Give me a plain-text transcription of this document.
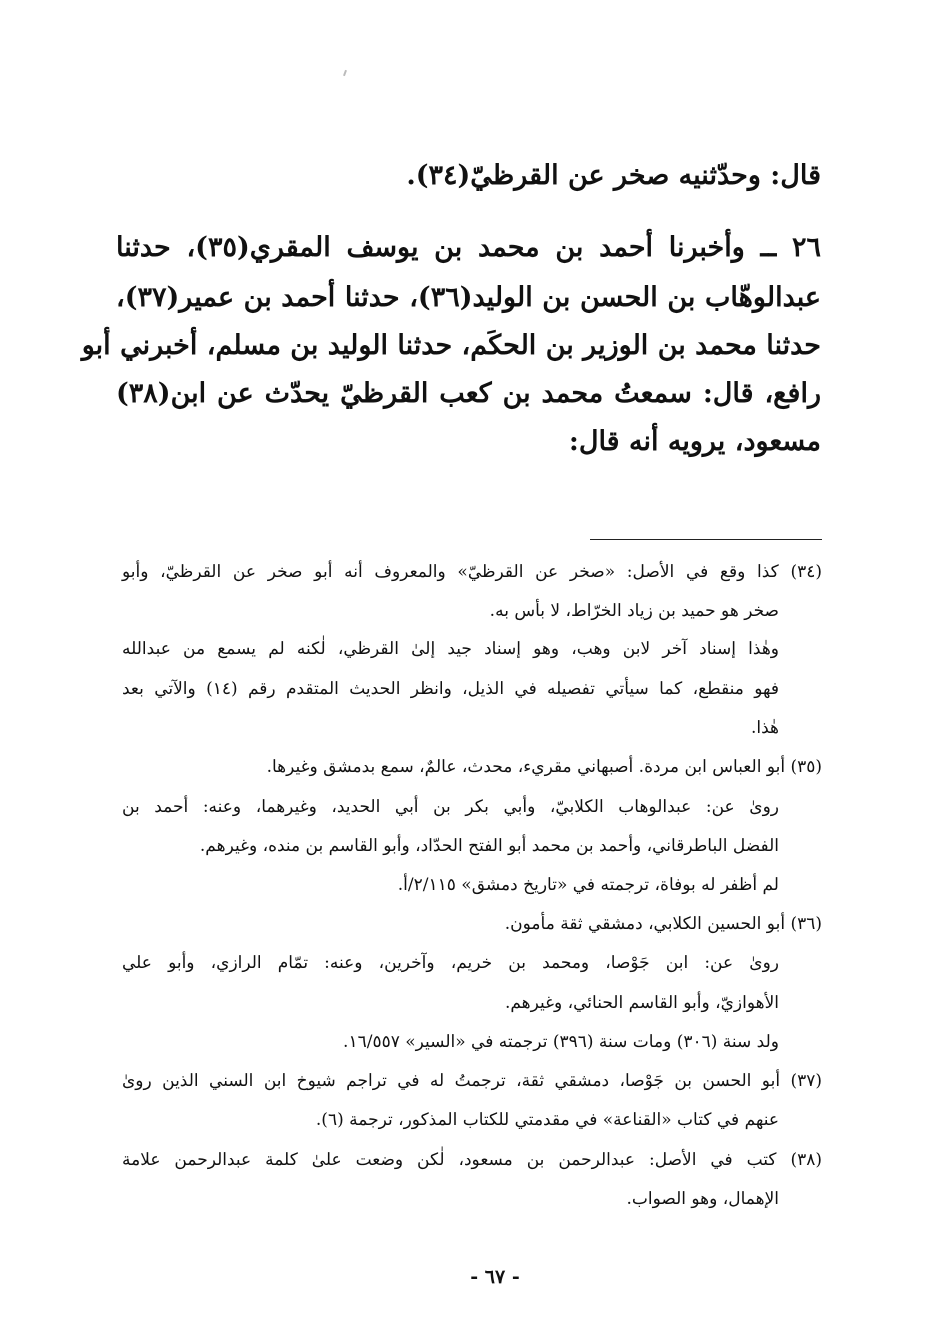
قال: وحدّثنيه صخر عن القرظيّ(٣٤).
٢٦ ــ وأخبرنا أحمد بن محمد بن يوسف المقري(٣٥)، حدثنا
عبدالوهّاب بن الحسن بن الوليد(٣٦)، حدثنا أحمد بن عمير(٣٧)،
حدثنا محمد بن الوزير بن الحكَم، حدثنا الوليد بن مسلم، أخبرني أبو
رافع، قال: سمعتُ محمد بن كعب القرظيّ يحدّث عن ابن(٣٨)
مسعود، يرويه أنه قال:
(٣٤) كذا وقع في الأصل: «صخر عن القرظيّ» والمعروف أنه أبو صخر عن القرظيّ، وأبو
صخر هو حميد بن زياد الخرّاط، لا بأس به.
وهٰذا إسناد آخر لابن وهب، وهو إسناد جيد إلىٰ القرظي، لٰكنه لم يسمع من عبدالله
فهو منقطع، كما سيأتي تفصيله في الذيل، وانظر الحديث المتقدم رقم (١٤) والآتي بعد
هٰذا.
(٣٥) أبو العباس ابن مردة. أصبهاني مقريء، محدث، عالمٌ، سمع بدمشق وغيرها.
روىٰ عن: عبدالوهاب الكلابيّ، وأبي بكر بن أبي الحديد، وغيرهما، وعنه: أحمد بن
الفضل الباطرقاني، وأحمد بن محمد أبو الفتح الحدّاد، وأبو القاسم بن منده، وغيرهم.
لم أظفر له بوفاة، ترجمته في «تاريخ دمشق» ٢/١١٥/أ.
(٣٦) أبو الحسين الكلابي، دمشقي ثقة مأمون.
روىٰ عن: ابن جَوْصا، ومحمد بن خريم، وآخرين، وعنه: تمّام الرازي، وأبو علي
الأهوازيّ، وأبو القاسم الحنائي، وغيرهم.
ولد سنة (٣٠٦) ومات سنة (٣٩٦) ترجمته في «السير» ١٦/٥٥٧.
(٣٧) أبو الحسن بن جَوْصا، دمشقي ثقة، ترجمتُ له في تراجم شيوخ ابن السني الذين روىٰ
عنهم في كتاب «القناعة» في مقدمتي للكتاب المذكور، ترجمة (٦).
(٣٨) كتب في الأصل: عبدالرحمن بن مسعود، لٰكن وضعت علىٰ كلمة عبدالرحمن علامة
الإهمال، وهو الصواب.
- ٦٧ -
